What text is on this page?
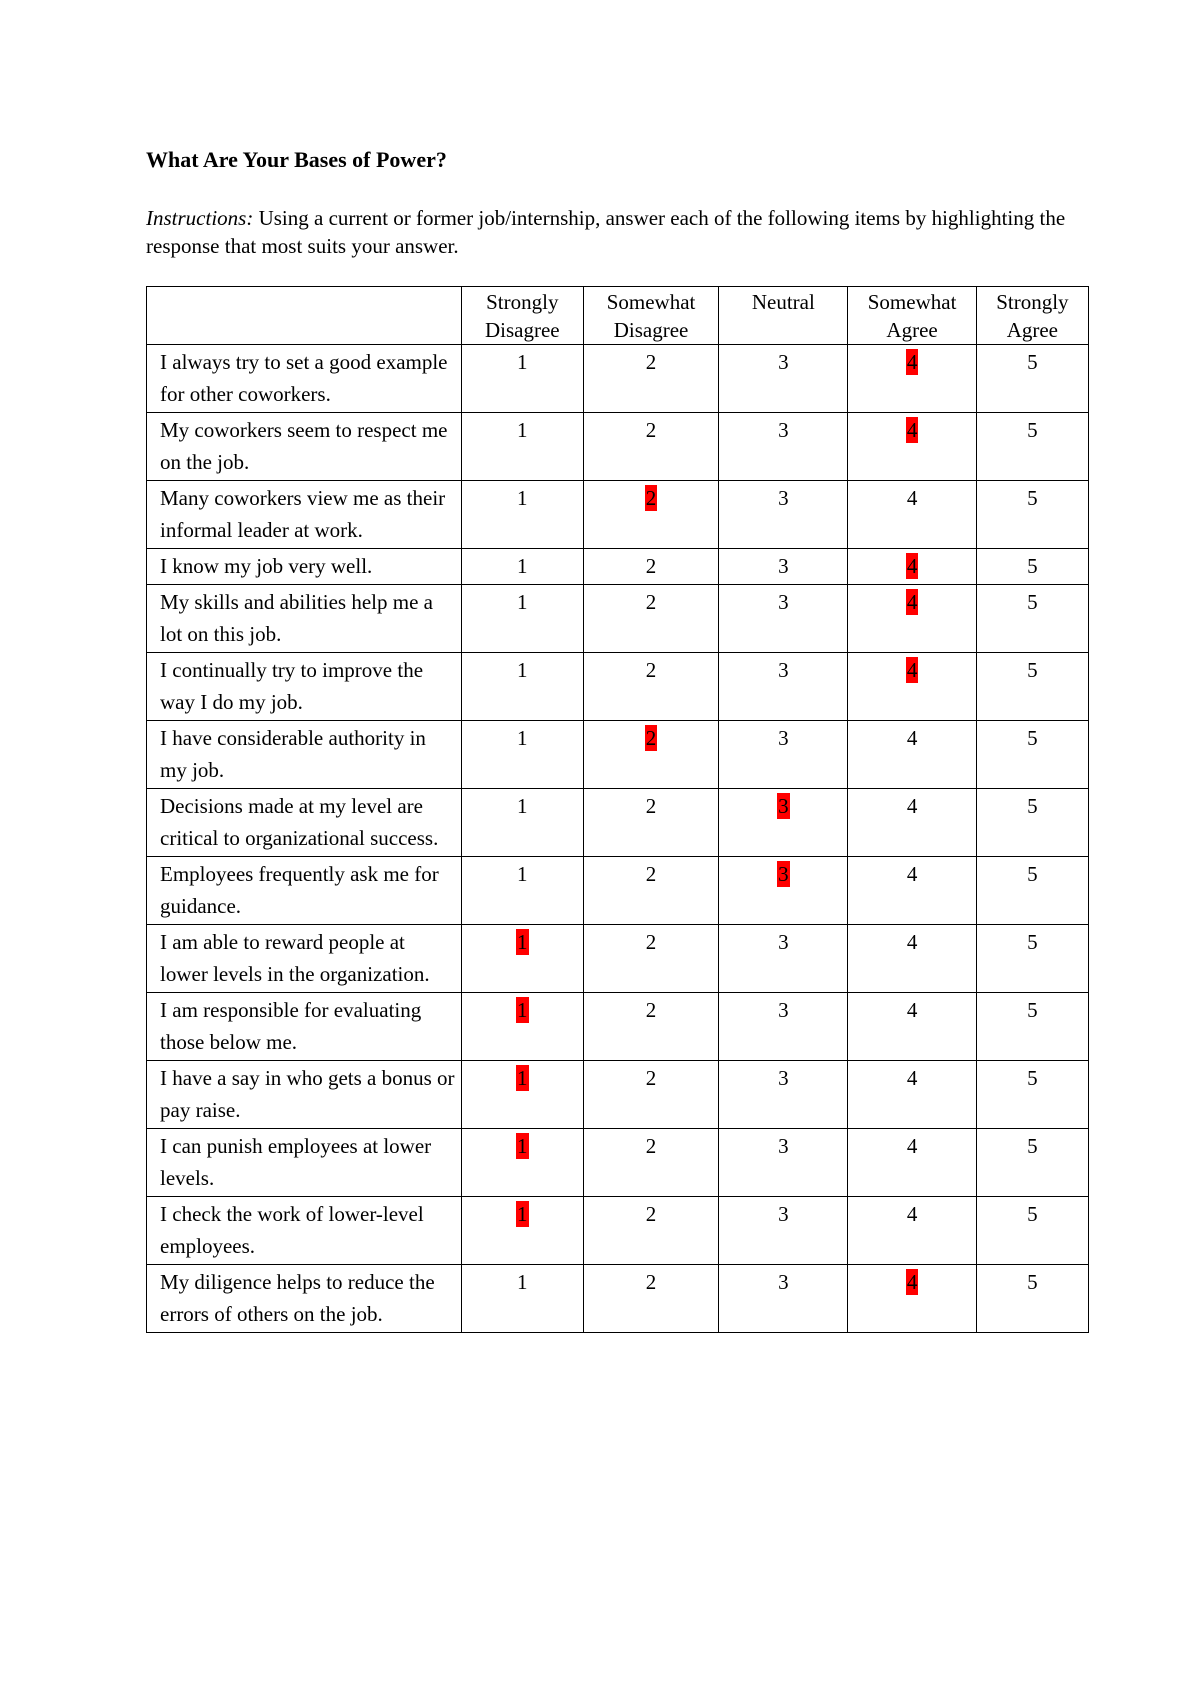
What Are Your Bases of Power?
Instructions: Using a current or former job/internship, answer each of the following items by highlighting the response that most suits your answer.
	Strongly Disagree	Somewhat Disagree	Neutral	Somewhat Agree	Strongly Agree
I always try to set a good example for other coworkers.	1	2	3	4	5
My coworkers seem to respect me on the job.	1	2	3	4	5
Many coworkers view me as their informal leader at work.	1	2	3	4	5
I know my job very well.	1	2	3	4	5
My skills and abilities help me a lot on this job.	1	2	3	4	5
I continually try to improve the way I do my job.	1	2	3	4	5
I have considerable authority in my job.	1	2	3	4	5
Decisions made at my level are critical to organizational success.	1	2	3	4	5
Employees frequently ask me for guidance.	1	2	3	4	5
I am able to reward people at lower levels in the organization.	1	2	3	4	5
I am responsible for evaluating those below me.	1	2	3	4	5
I have a say in who gets a bonus or pay raise.	1	2	3	4	5
I can punish employees at lower levels.	1	2	3	4	5
I check the work of lower-level employees.	1	2	3	4	5
My diligence helps to reduce the errors of others on the job.	1	2	3	4	5
